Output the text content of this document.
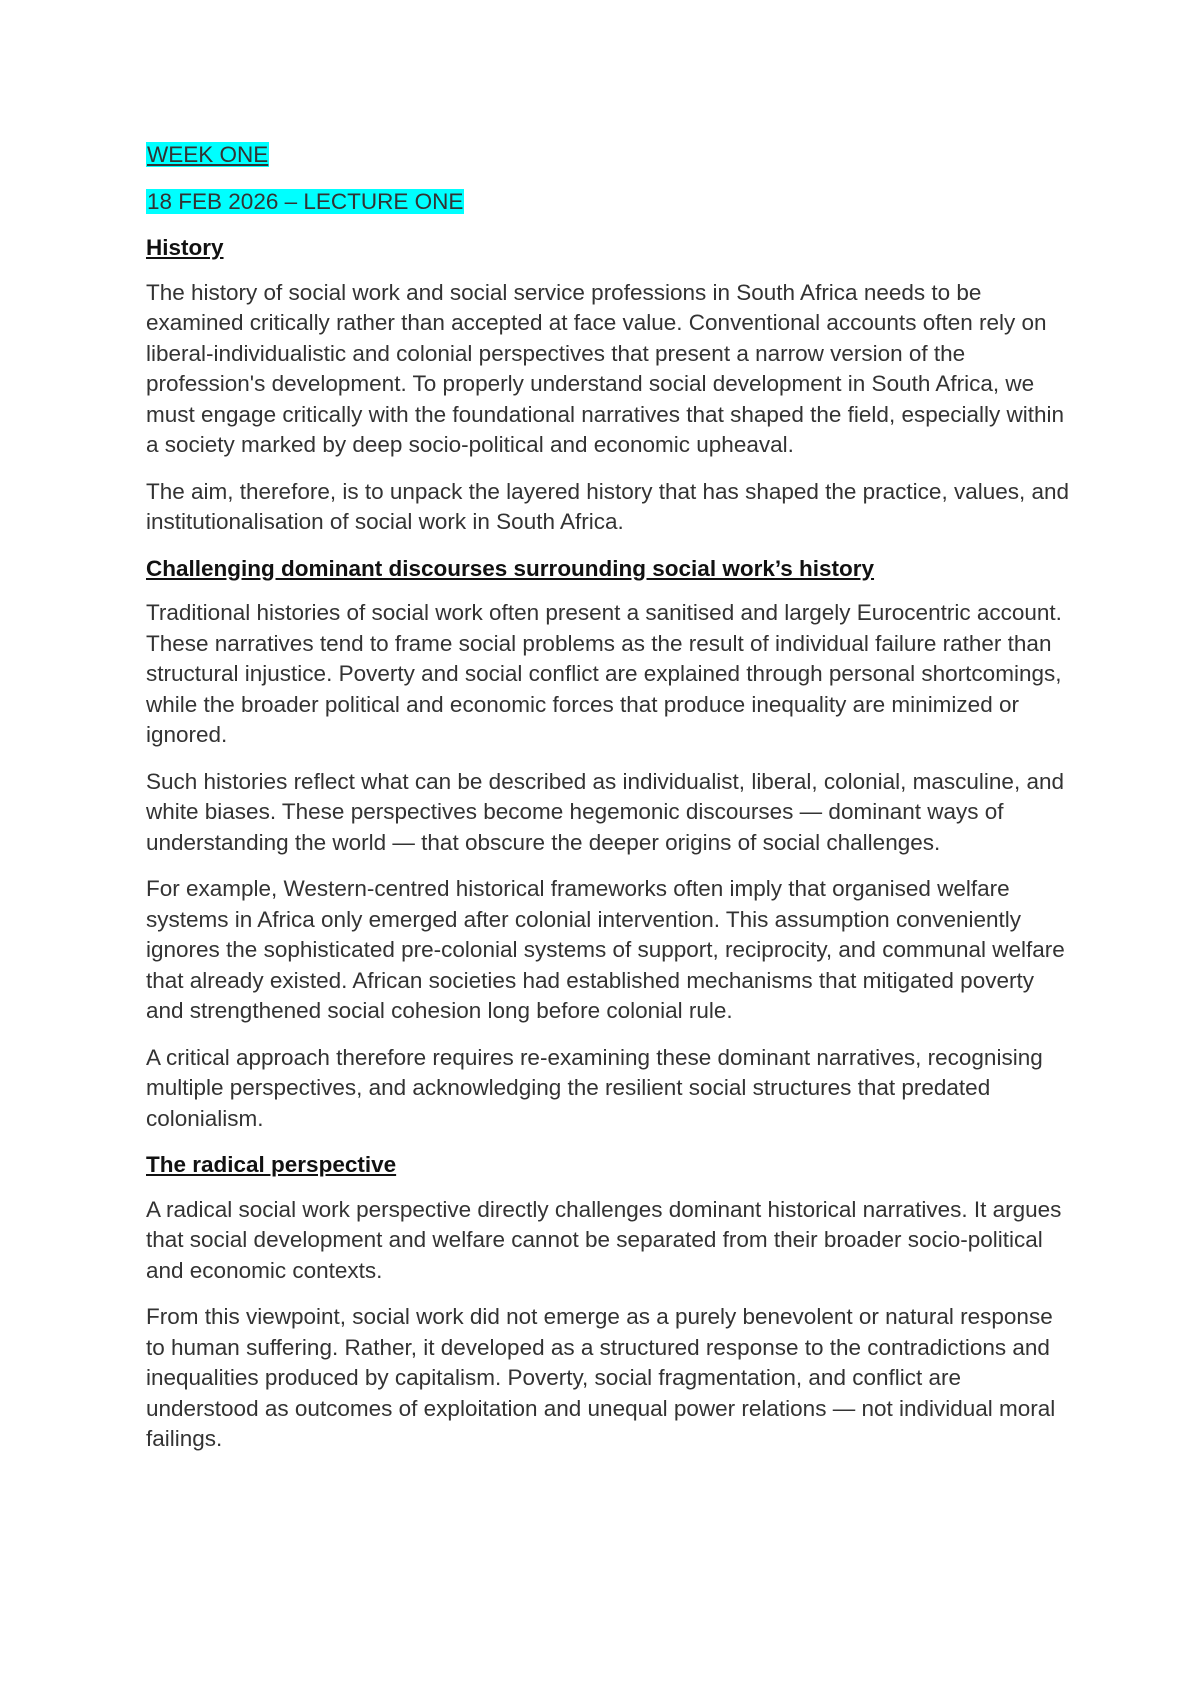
WEEK ONE
18 FEB 2026 – LECTURE ONE
History

The history of social work and social service professions in South Africa needs to be examined critically rather than accepted at face value. Conventional accounts often rely on liberal-individualistic and colonial perspectives that present a narrow version of the profession's development. To properly understand social development in South Africa, we must engage critically with the foundational narratives that shaped the field, especially within a society marked by deep socio-political and economic upheaval.

The aim, therefore, is to unpack the layered history that has shaped the practice, values, and institutionalisation of social work in South Africa.

Challenging dominant discourses surrounding social work’s history

Traditional histories of social work often present a sanitised and largely Eurocentric account. These narratives tend to frame social problems as the result of individual failure rather than structural injustice. Poverty and social conflict are explained through personal shortcomings, while the broader political and economic forces that produce inequality are minimized or ignored.

Such histories reflect what can be described as individualist, liberal, colonial, masculine, and white biases. These perspectives become hegemonic discourses — dominant ways of understanding the world — that obscure the deeper origins of social challenges.

For example, Western-centred historical frameworks often imply that organised welfare systems in Africa only emerged after colonial intervention. This assumption conveniently ignores the sophisticated pre-colonial systems of support, reciprocity, and communal welfare that already existed. African societies had established mechanisms that mitigated poverty and strengthened social cohesion long before colonial rule.

A critical approach therefore requires re-examining these dominant narratives, recognising multiple perspectives, and acknowledging the resilient social structures that predated colonialism.

The radical perspective

A radical social work perspective directly challenges dominant historical narratives. It argues that social development and welfare cannot be separated from their broader socio-political and economic contexts.

From this viewpoint, social work did not emerge as a purely benevolent or natural response to human suffering. Rather, it developed as a structured response to the contradictions and inequalities produced by capitalism. Poverty, social fragmentation, and conflict are understood as outcomes of exploitation and unequal power relations — not individual moral failings.
